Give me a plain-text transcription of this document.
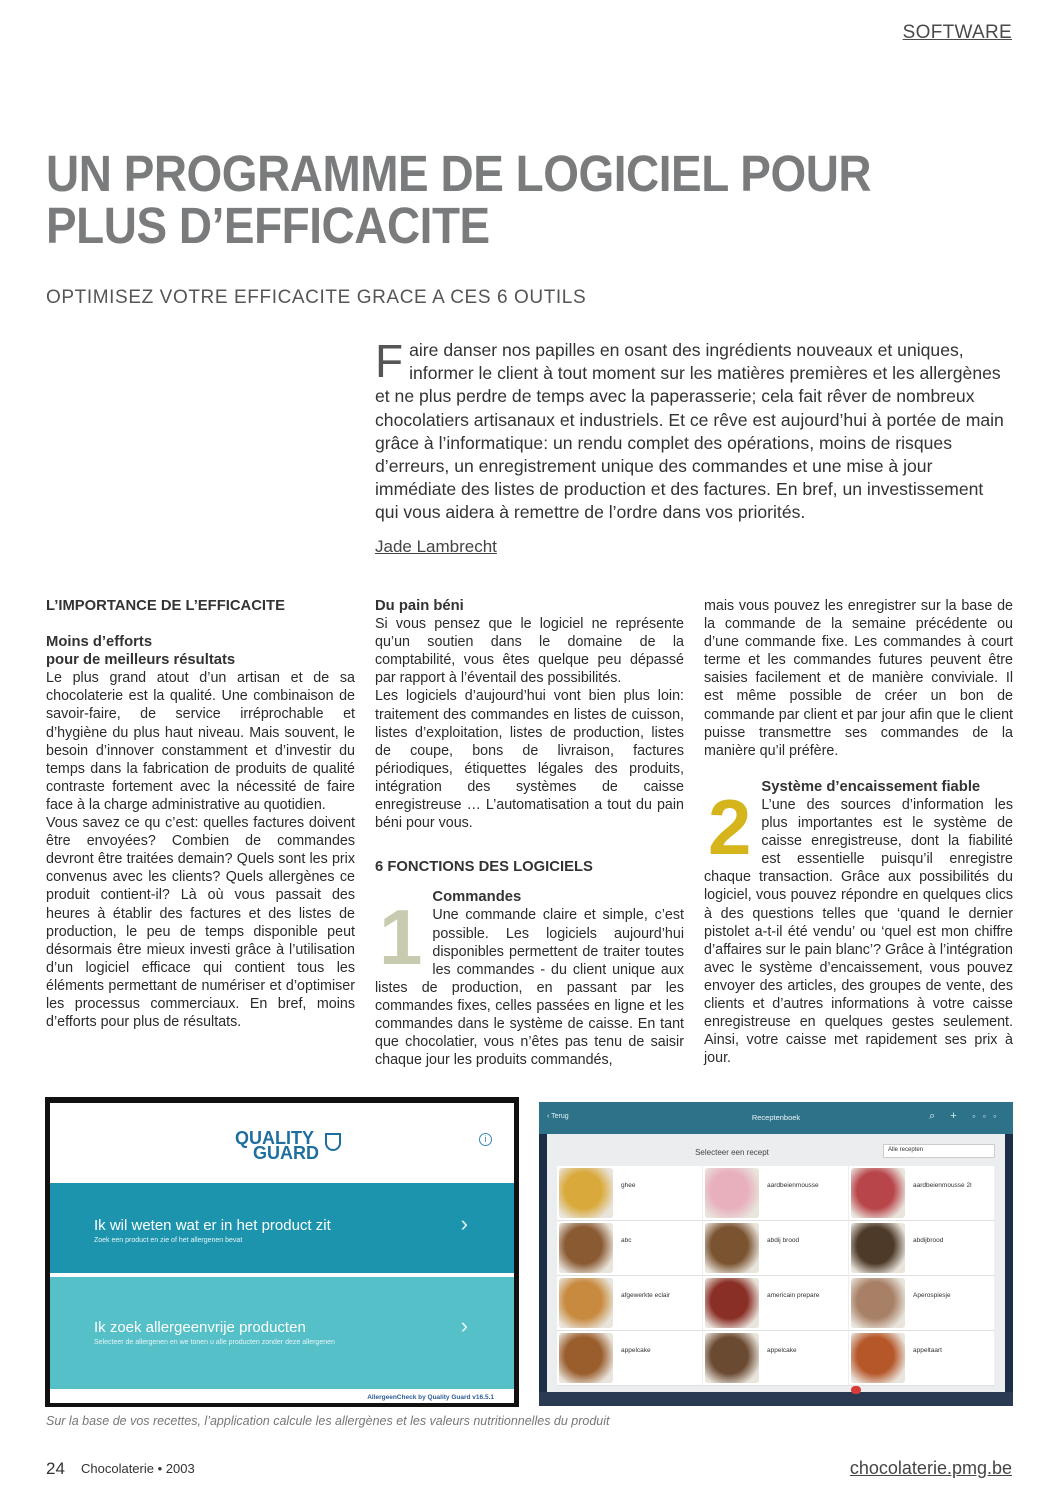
SOFTWARE
UN PROGRAMME DE LOGICIEL POUR PLUS D’EFFICACITE
OPTIMISEZ VOTRE EFFICACITE GRACE A CES 6 OUTILS
F aire danser nos papilles en osant des ingrédients nouveaux et uniques, informer le client à tout moment sur les matières premières et les allergènes et ne plus perdre de temps avec la paperasserie; cela fait rêver de nombreux chocolatiers artisanaux et industriels. Et ce rêve est aujourd’hui à portée de main grâce à l’informatique: un rendu complet des opérations, moins de risques d’erreurs, un enregistrement unique des commandes et une mise à jour immédiate des listes de production et des factures. En bref, un investissement qui vous aidera à remettre de l’ordre dans vos priorités.
Jade Lambrecht
L’IMPORTANCE DE L’EFFICACITE
Moins d’efforts
pour de meilleurs résultats

Le plus grand atout d’un artisan et de sa chocolaterie est la qualité. Une combinaison de savoir-faire, de service irréprochable et d’hygiène du plus haut niveau. Mais souvent, le besoin d’innover constamment et d’investir du temps dans la fabrication de produits de qualité contraste fortement avec la nécessité de faire face à la charge administrative au quotidien.

Vous savez ce qu c’est: quelles factures doivent être envoyées? Combien de commandes devront être traitées demain? Quels sont les prix convenus avec les clients? Quels allergènes ce produit contient-il? Là où vous passait des heures à établir des factures et des listes de production, le peu de temps disponible peut désormais être mieux investi grâce à l’utilisation d’un logiciel efficace qui contient tous les éléments permettant de numériser et d’optimiser les processus commerciaux. En bref, moins d’efforts pour plus de résultats.

Du pain béni

Si vous pensez que le logiciel ne représente qu’un soutien dans le domaine de la comptabilité, vous êtes quelque peu dépassé par rapport à l’éventail des possibilités.

Les logiciels d’aujourd’hui vont bien plus loin: traitement des commandes en listes de cuisson, listes d’exploitation, listes de production, listes de coupe, bons de livraison, factures périodiques, étiquettes légales des produits, intégration des systèmes de caisse enregistreuse … L’automatisation a tout du pain béni pour vous.

6 FONCTIONS DES LOGICIELS
1 Commandes

Une commande claire et simple, c’est possible. Les logiciels aujourd’hui disponibles permettent de traiter toutes les commandes - du client unique aux listes de production, en passant par les commandes fixes, celles passées en ligne et les commandes dans le système de caisse. En tant que chocolatier, vous n’êtes pas tenu de saisir chaque jour les produits commandés,

mais vous pouvez les enregistrer sur la base de la commande de la semaine précédente ou d’une commande fixe. Les commandes à court terme et les commandes futures peuvent être saisies facilement et de manière conviviale. Il est même possible de créer un bon de commande par client et par jour afin que le client puisse transmettre ses commandes de la manière qu’il préfère.

2 Système d’encaissement fiable

L’une des sources d’information les plus importantes est le système de caisse enregistreuse, dont la fiabilité est essentielle puisqu’il enregistre chaque transaction. Grâce aux possibilités du logiciel, vous pouvez répondre en quelques clics à des questions telles que ‘quand le dernier pistolet a-t-il été vendu’ ou ‘quel est mon chiffre d’affaires sur le pain blanc’? Grâce à l’intégration avec le système d’encaissement, vous pouvez envoyer des articles, des groupes de vente, des clients et d’autres informations à votre caisse enregistreuse en quelques gestes seulement. Ainsi, votre caisse met rapidement ses prix à jour.

QUALITY
GUARD
i
Ik wil weten wat er in het product zit
Zoek een product en zie of het allergenen bevat
›
Ik zoek allergeenvrije producten
Selecteer de allergenen en we tonen u alle producten zonder deze allergenen
›
AllergeenCheck by Quality Guard v16.5.1
‹ Terug	Receptenboek	⌕ + ∘∘∘
Selecteer een recept	Alle recepten
ghee	aardbeienmousse	aardbeienmousse 2l
abc	abdij brood	abdijbrood
afgewerkte eclair	americain prepare	Aperospiesje
appelcake	appelcake	appeltaart
Sur la base de vos recettes, l’application calcule les allergènes et les valeurs nutritionnelles du produit
24 Chocolaterie • 2003	chocolaterie.pmg.be
